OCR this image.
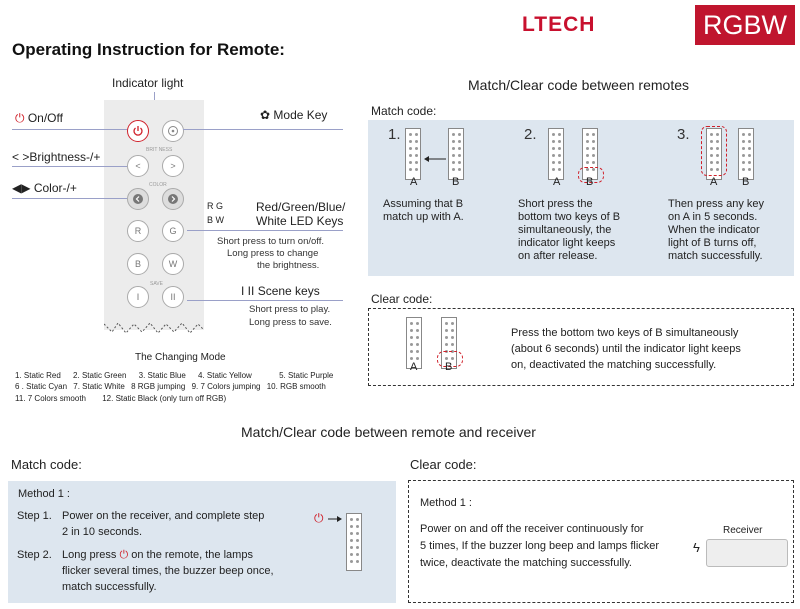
LTECH	RGBW
Operating Instruction for Remote:
Indicator light
BRIT NESS
<	>
COLOR
R	G
B	W
SAVE
I	II
⏻ On/Off
< >Brightness-/+
◀▶ Color-/+
✿ Mode Key
R G
B W
Red/Green/Blue/
White LED Keys
Short press to turn on/off.
Long press to change
the brightness.
I II Scene keys
Short press to play.
Long press to save.
The Changing Mode
1. Static Red 2. Static Green 3. Static Blue 4. Static Yellow	5. Static Purple
6 . Static Cyan 7. Static White 8 RGB jumping 9. 7 Colors jumping 10. RGB smooth
11. 7 Colors smooth 12. Static Black (only turn off RGB)
Match/Clear code between remotes
Match code:
1.
A	B
Assuming that B
match up with A.
2.
A B
Short press the
bottom two keys of B
simultaneously, the
indicator light keeps
on after release.
3.
A B
Then press any key
on A in 5 seconds.
When the indicator
light of B turns off,
match successfully.
Clear code:
A	B
Press the bottom two keys of B simultaneously
(about 6 seconds) until the indicator light keeps
on, deactivated the matching successfully.
Match/Clear code between remote and receiver
Match code:
Method 1 :
Step 1. Power on the receiver, and complete step
2 in 10 seconds.
Step 2. Long press ⏻ on the remote, the lamps
flicker several times, the buzzer beep once,
match successfully.
⏻
Clear code:
Method 1 :
Power on and off the receiver continuously for
5 times, If the buzzer long beep and lamps flicker
twice, deactivate the matching successfully.
Receiver
ϟ
